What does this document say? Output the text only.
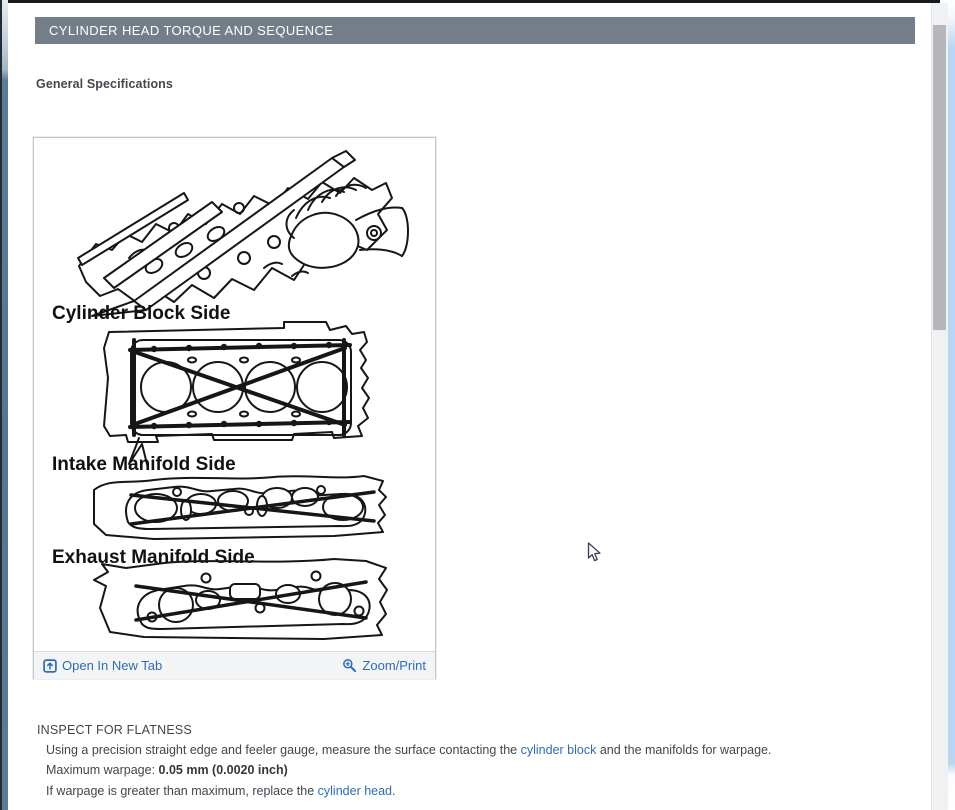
CYLINDER HEAD TORQUE AND SEQUENCE
General Specifications
Cylinder Block Side
Intake Manifold Side
Exhaust Manifold Side
Open In New Tab	Zoom/Print
INSPECT FOR FLATNESS
Using a precision straight edge and feeler gauge, measure the surface contacting the cylinder block and the manifolds for warpage.
Maximum warpage: 0.05 mm (0.0020 inch)
If warpage is greater than maximum, replace the cylinder head.
